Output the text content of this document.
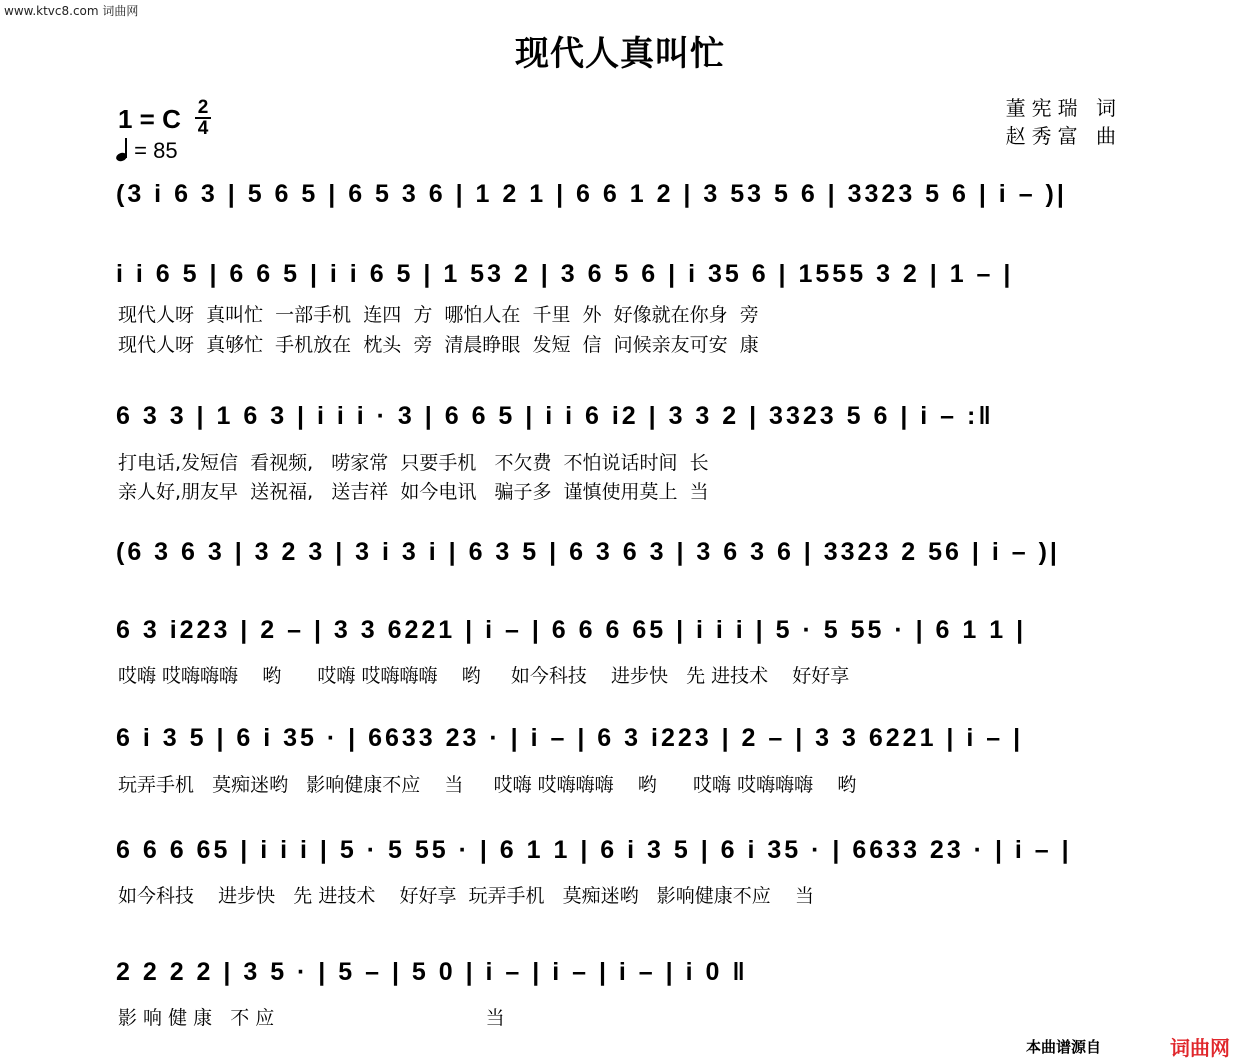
www.ktvc8.com 词曲网
现代人真叫忙
1 = C 2
4
= 85
董宪瑞 词
赵秀富 曲
(3 i 6 3 | 5 6 5 | 6 5 3 6 | 1 2 1 | 6 6 1 2 | 3 53 5 6 | 3323 5 6 | i – )|
i i 6 5 | 6 6 5 | i i 6 5 | 1 53 2 | 3 6 5 6 | i 35 6 | 1555 3 2 | 1 – |
现代人呀  真叫忙  一部手机  连四  方  哪怕人在  千里  外  好像就在你身  旁
现代人呀  真够忙  手机放在  枕头  旁  清晨睁眼  发短  信  问候亲友可安  康
6 3 3 | 1 6 3 | i i i · 3 | 6 6 5 | i i 6 i2 | 3 3 2 | 3323 5 6 | i – :‖
打电话,发短信  看视频,   唠家常  只要手机   不欠费  不怕说话时间  长
亲人好,朋友早  送祝福,   送吉祥  如今电讯   骗子多  谨慎使用莫上  当
(6 3 6 3 | 3 2 3 | 3 i 3 i | 6 3 5 | 6 3 6 3 | 3 6 3 6 | 3323 2 56 | i – )|
6 3 i223 | 2 – | 3 3 6221 | i – | 6 6 6 65 | i i i | 5 · 5 55 · | 6 1 1 |
哎嗨 哎嗨嗨嗨    哟      哎嗨 哎嗨嗨嗨    哟     如今科技    进步快   先 进技术    好好享
6 i 3 5 | 6 i 35 · | 6633 23 · | i – | 6 3 i223 | 2 – | 3 3 6221 | i – |
玩弄手机   莫痴迷哟   影响健康不应    当     哎嗨 哎嗨嗨嗨    哟      哎嗨 哎嗨嗨嗨    哟
6 6 6 65 | i i i | 5 · 5 55 · | 6 1 1 | 6 i 3 5 | 6 i 35 · | 6633 23 · | i – |
如今科技    进步快   先 进技术    好好享  玩弄手机   莫痴迷哟   影响健康不应    当
2 2 2 2 | 3 5 · | 5 – | 5 0 | i – | i – | i – | i 0 ‖
影 响 健 康   不 应                                   当
本曲谱源自	词曲网
